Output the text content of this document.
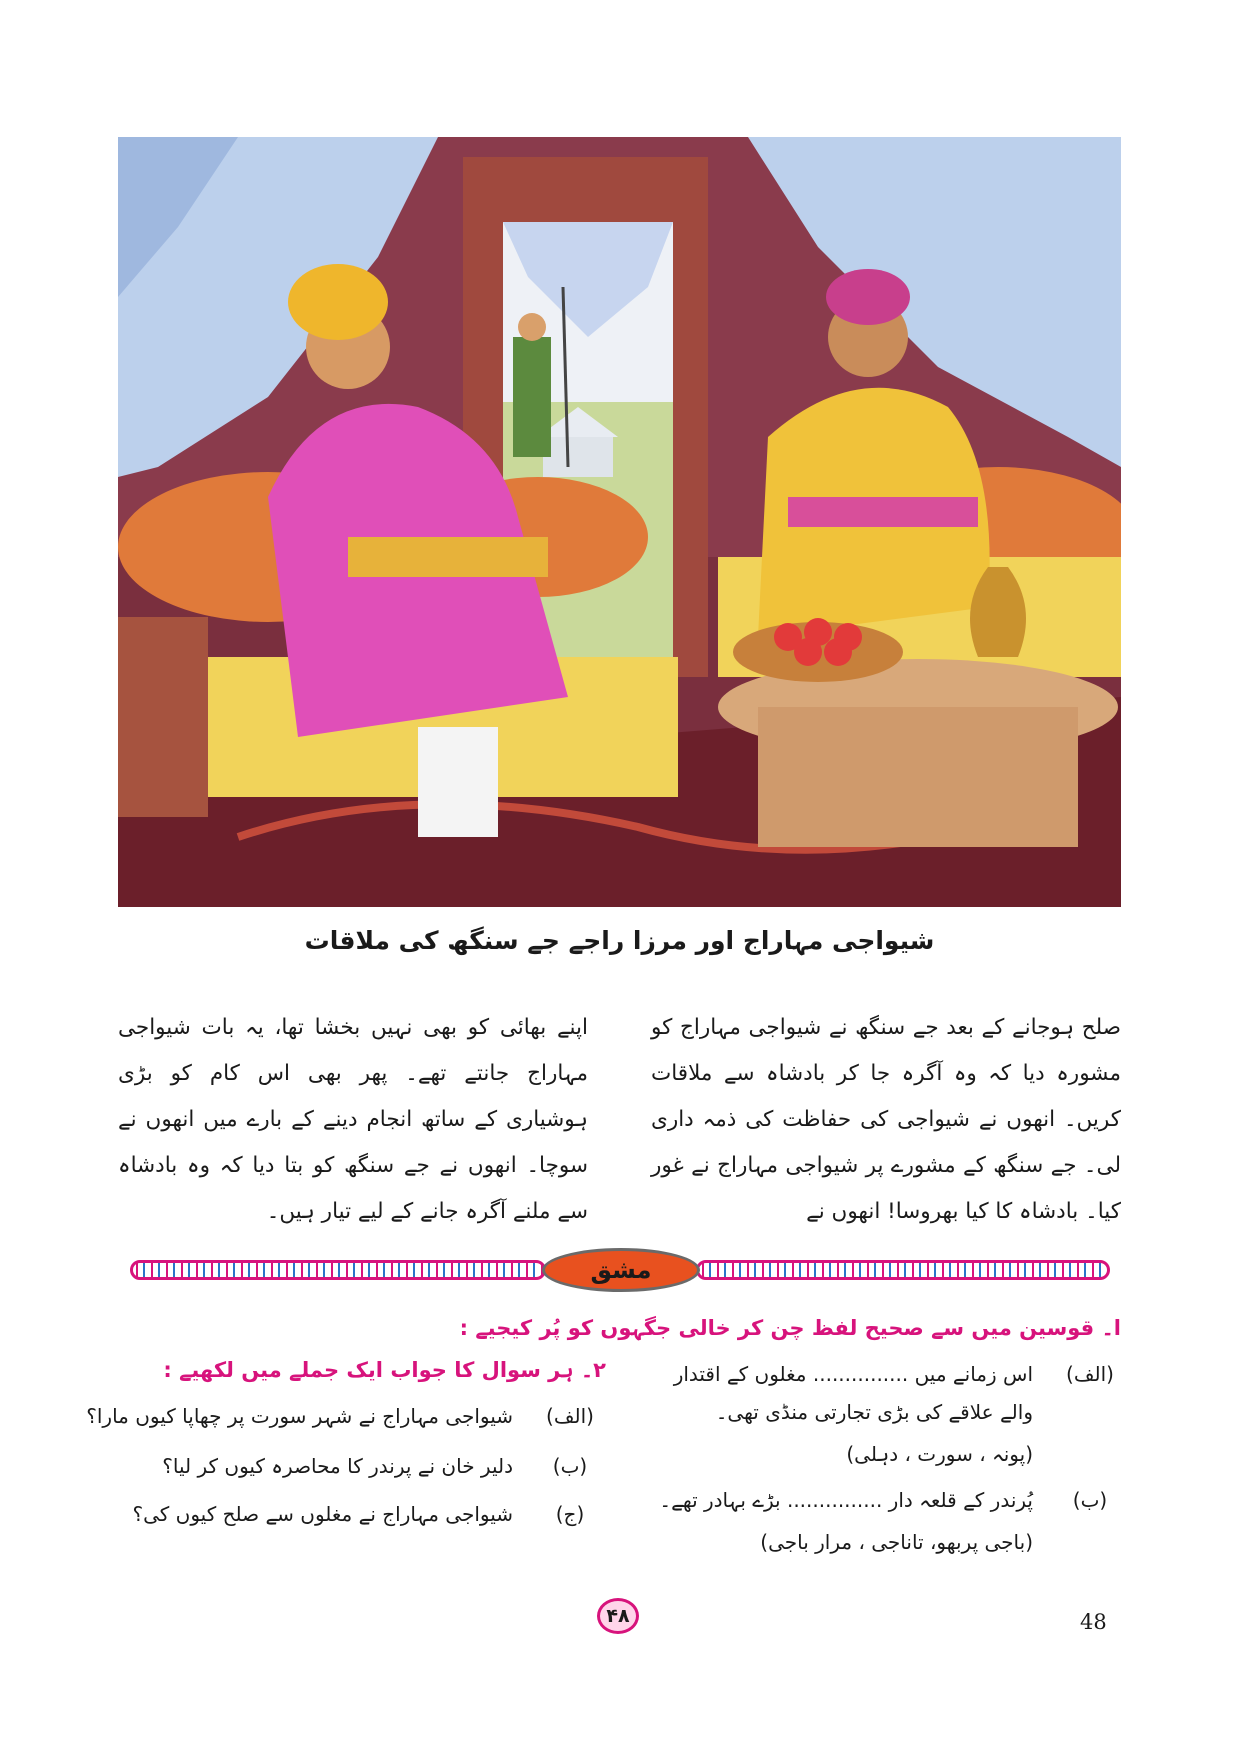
شیواجی مہاراج اور مرزا راجے جے سنگھ کی ملاقات
صلح ہوجانے کے بعد جے سنگھ نے شیواجی مہاراج کو مشورہ دیا کہ وہ آگرہ جا کر بادشاہ سے ملاقات کریں۔ انھوں نے شیواجی کی حفاظت کی ذمہ داری لی۔ جے سنگھ کے مشورے پر شیواجی مہاراج نے غور کیا۔ بادشاہ کا کیا بھروسا! انھوں نے
اپنے بھائی کو بھی نہیں بخشا تھا، یہ بات شیواجی مہاراج جانتے تھے۔ پھر بھی اس کام کو بڑی ہوشیاری کے ساتھ انجام دینے کے بارے میں انھوں نے سوچا۔ انھوں نے جے سنگھ کو بتا دیا کہ وہ بادشاہ سے ملنے آگرہ جانے کے لیے تیار ہیں۔
مشق
ا۔ قوسین میں سے صحیح لفظ چن کر خالی جگہوں کو پُر کیجیے :
(الف)
اس زمانے میں ............... مغلوں کے اقتدار
والے علاقے کی بڑی تجارتی منڈی تھی۔
(پونہ ، سورت ، دہلی)
(ب)
پُرندر کے قلعہ دار ............... بڑے بہادر تھے۔
(باجی پربھو، تاناجی ، مرار باجی)
۲۔ ہر سوال کا جواب ایک جملے میں لکھیے :
(الف)
شیواجی مہاراج نے شہر سورت پر چھاپا کیوں مارا؟
(ب)
دلیر خان نے پرندر کا محاصرہ کیوں کر لیا؟
(ج)
شیواجی مہاراج نے مغلوں سے صلح کیوں کی؟
۴۸	48
